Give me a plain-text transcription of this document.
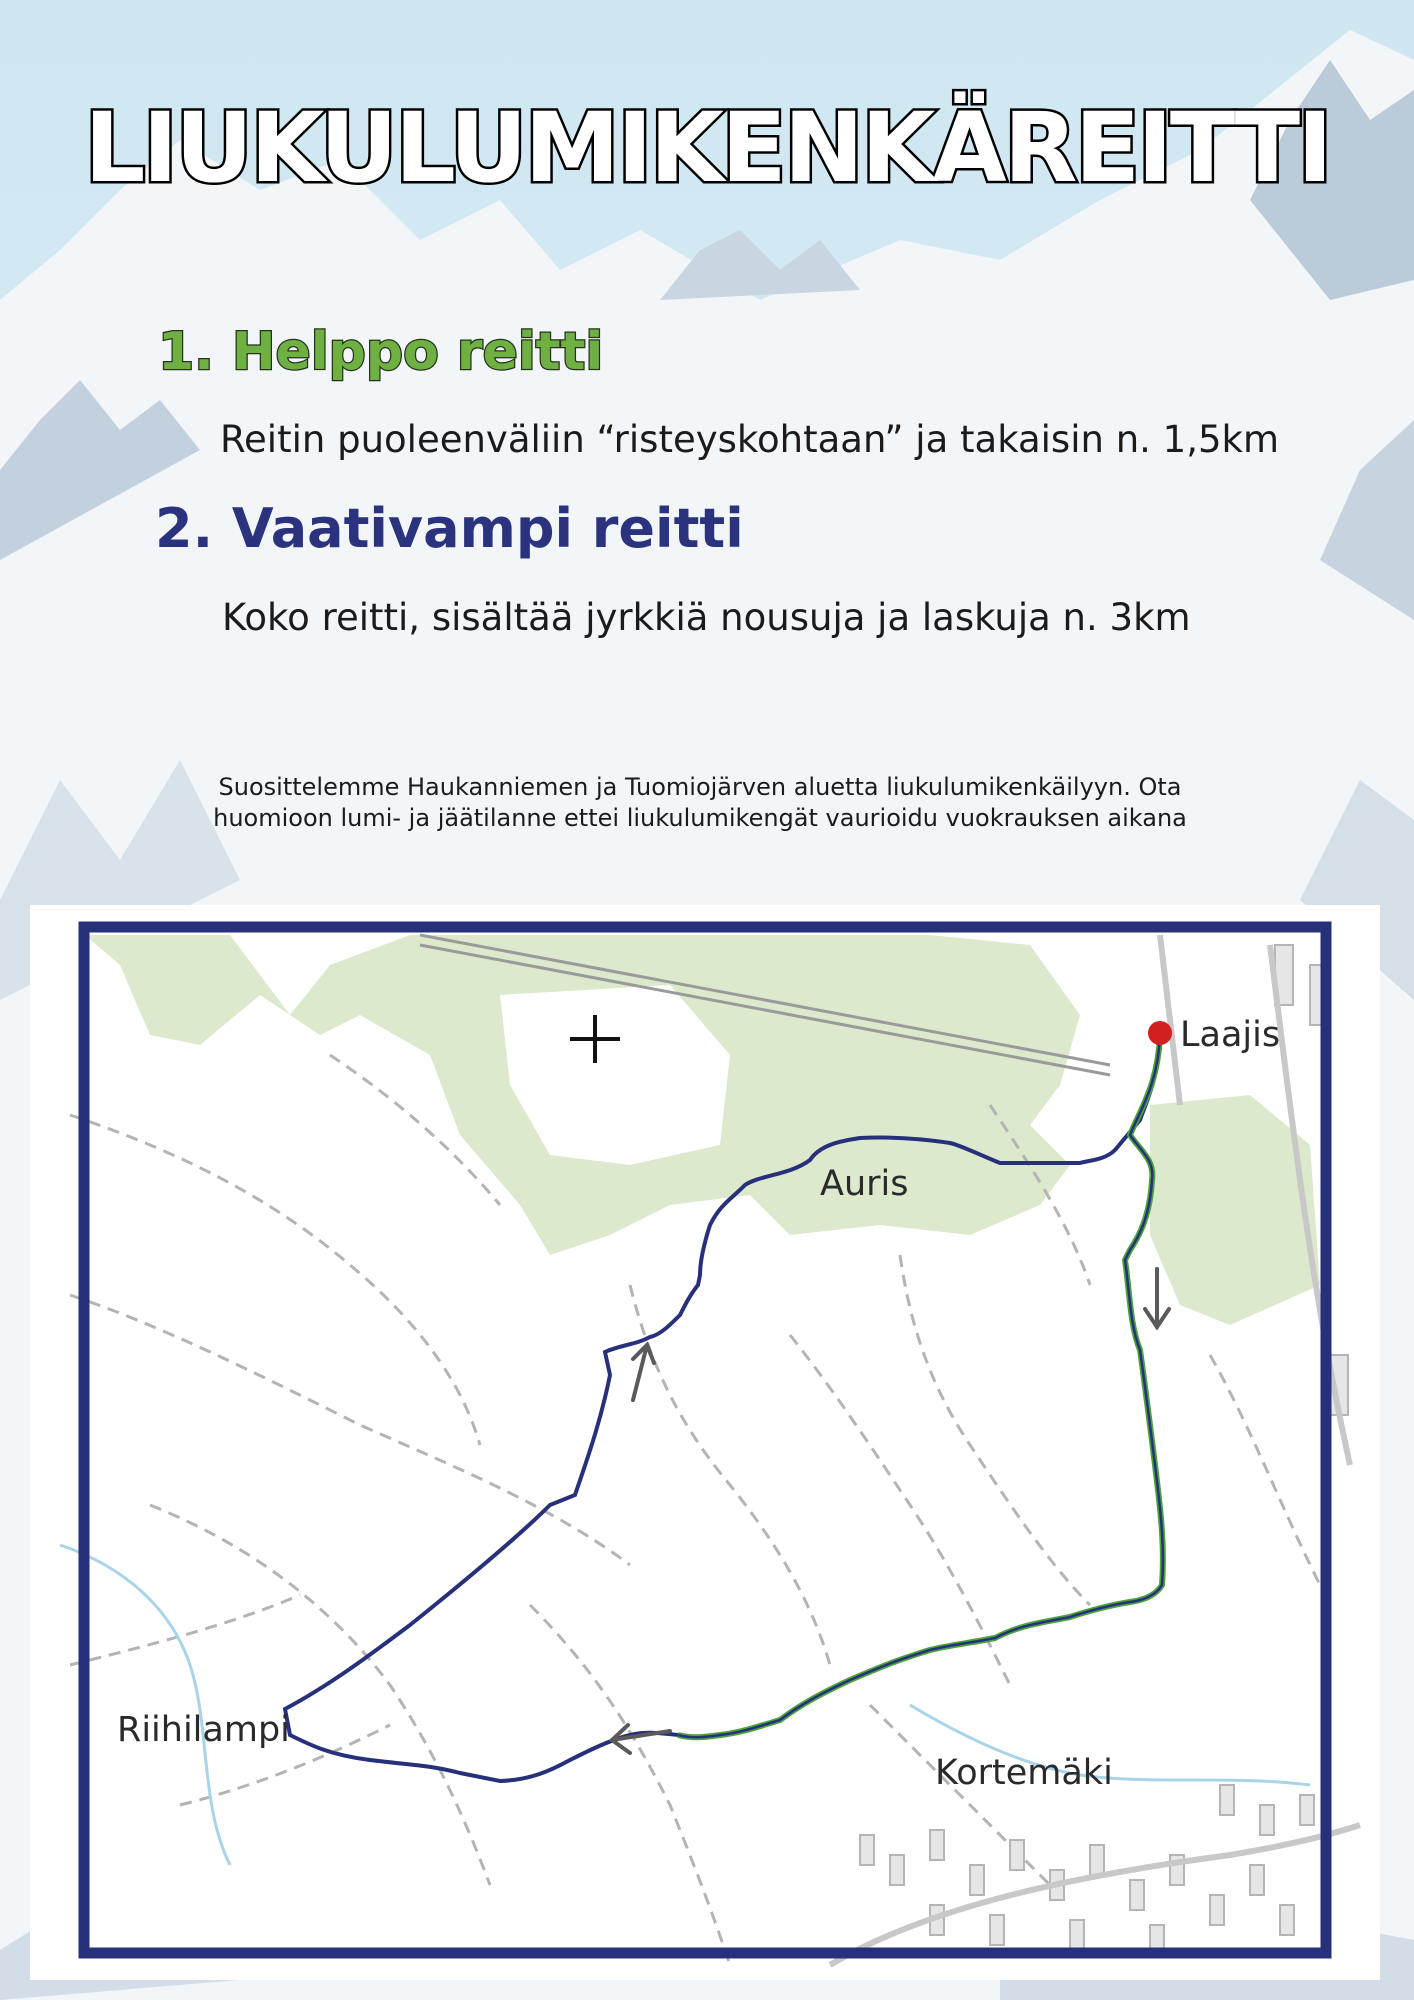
LIUKULUMIKENKÄREITTI
1. Helppo reitti
Reitin puoleenväliin “risteyskohtaan” ja takaisin n. 1,5km
2. Vaativampi reitti
Koko reitti, sisältää jyrkkiä nousuja ja laskuja n. 3km
Suosittelemme Haukanniemen ja Tuomiojärven aluetta liukulumikenkäilyyn. Ota
huomioon lumi- ja jäätilanne ettei liukulumikengät vaurioidu vuokrauksen aikana
Laajis
Auris
Kortemäki
Riihilampi
